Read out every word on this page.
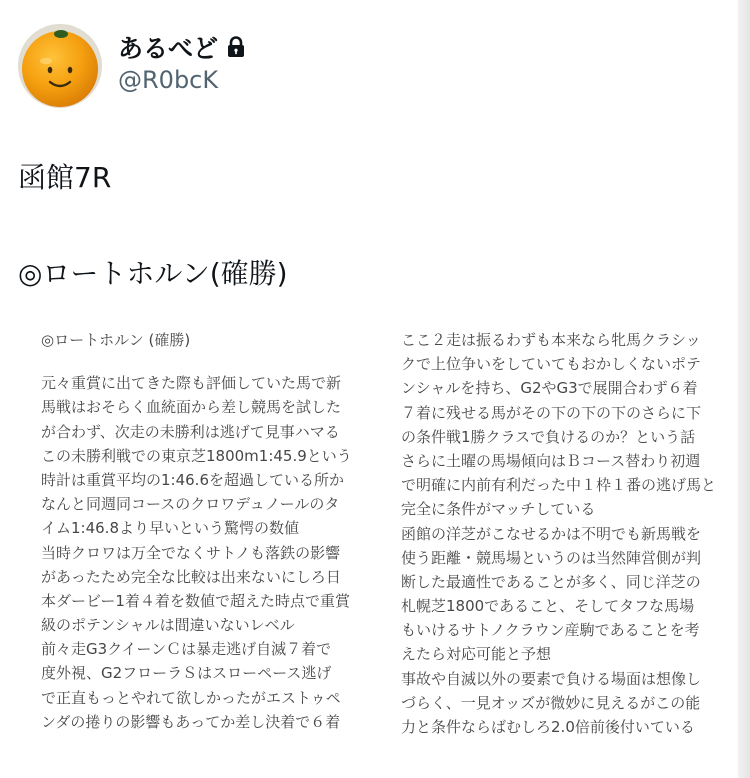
あるべど
@R0bcK
函館7R
◎ロートホルン(確勝)
◎ロートホルン (確勝)
元々重賞に出てきた際も評価していた馬で新
馬戦はおそらく血統面から差し競馬を試した
が合わず、次走の未勝利は逃げて見事ハマる
この未勝利戦での東京芝1800m1:45.9という
時計は重賞平均の1:46.6を超過している所か
なんと同週同コースのクロワデュノールのタ
イム1:46.8より早いという驚愕の数値
当時クロワは万全でなくサトノも落鉄の影響
があったため完全な比較は出来ないにしろ日
本ダービー1着４着を数値で超えた時点で重賞
級のポテンシャルは間違いないレベル
前々走G3クイーンＣは暴走逃げ自滅７着で
度外視、G2フローラＳはスローペース逃げ
で正直もっとやれて欲しかったがエストゥペ
ンダの捲りの影響もあってか差し決着で６着
ここ２走は振るわずも本来なら牝馬クラシッ
クで上位争いをしていてもおかしくないポテ
ンシャルを持ち、G2やG3で展開合わず６着
７着に残せる馬がその下の下の下のさらに下
の条件戦1勝クラスで負けるのか？という話
さらに土曜の馬場傾向はＢコース替わり初週
で明確に内前有利だった中１枠１番の逃げ馬と
完全に条件がマッチしている
函館の洋芝がこなせるかは不明でも新馬戦を
使う距離・競馬場というのは当然陣営側が判
断した最適性であることが多く、同じ洋芝の
札幌芝1800であること、そしてタフな馬場
もいけるサトノクラウン産駒であることを考
えたら対応可能と予想
事故や自滅以外の要素で負ける場面は想像し
づらく、一見オッズが微妙に見えるがこの能
力と条件ならばむしろ2.0倍前後付いている
